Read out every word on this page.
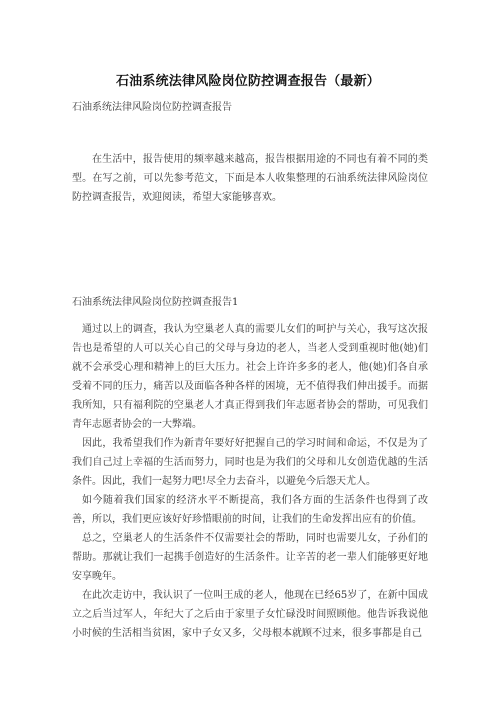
石油系统法律风险岗位防控调查报告（最新）
石油系统法律风险岗位防控调查报告
在生活中，报告使用的频率越来越高，报告根据用途的不同也有着不同的类型。在写之前，可以先参考范文，下面是本人收集整理的石油系统法律风险岗位防控调查报告，欢迎阅读，希望大家能够喜欢。
石油系统法律风险岗位防控调查报告1

通过以上的调查，我认为空巢老人真的需要儿女们的呵护与关心，我写这次报告也是希望的人可以关心自己的父母与身边的老人，当老人受到重视时他(她)们就不会承受心理和精神上的巨大压力。社会上许许多多的老人，他(她)们各自承受着不同的压力，痛苦以及面临各种各样的困境，无不值得我们伸出援手。而据我所知，只有福利院的空巢老人才真正得到我们年志愿者协会的帮助，可见我们青年志愿者协会的一大弊端。

因此，我希望我们作为新青年要好好把握自己的学习时间和命运，不仅是为了我们自己过上幸福的生活而努力，同时也是为我们的父母和儿女创造优越的生活条件。因此，我们一起努力吧!尽全力去奋斗，以避免今后怨天尤人。

如今随着我们国家的经济水平不断提高，我们各方面的生活条件也得到了改善，所以，我们更应该好好珍惜眼前的时间，让我们的生命发挥出应有的价值。

总之，空巢老人的生活条件不仅需要社会的帮助，同时也需要儿女，子孙们的帮助。那就让我们一起携手创造好的生活条件。让辛苦的老一辈人们能够更好地安享晚年。

在此次走访中，我认识了一位叫王成的老人，他现在已经65岁了，在新中国成立之后当过军人，年纪大了之后由于家里子女忙碌没时间照顾他。他告诉我说他小时候的生活相当贫困，家中子女又多，父母根本就顾不过来，很多事都是自己
